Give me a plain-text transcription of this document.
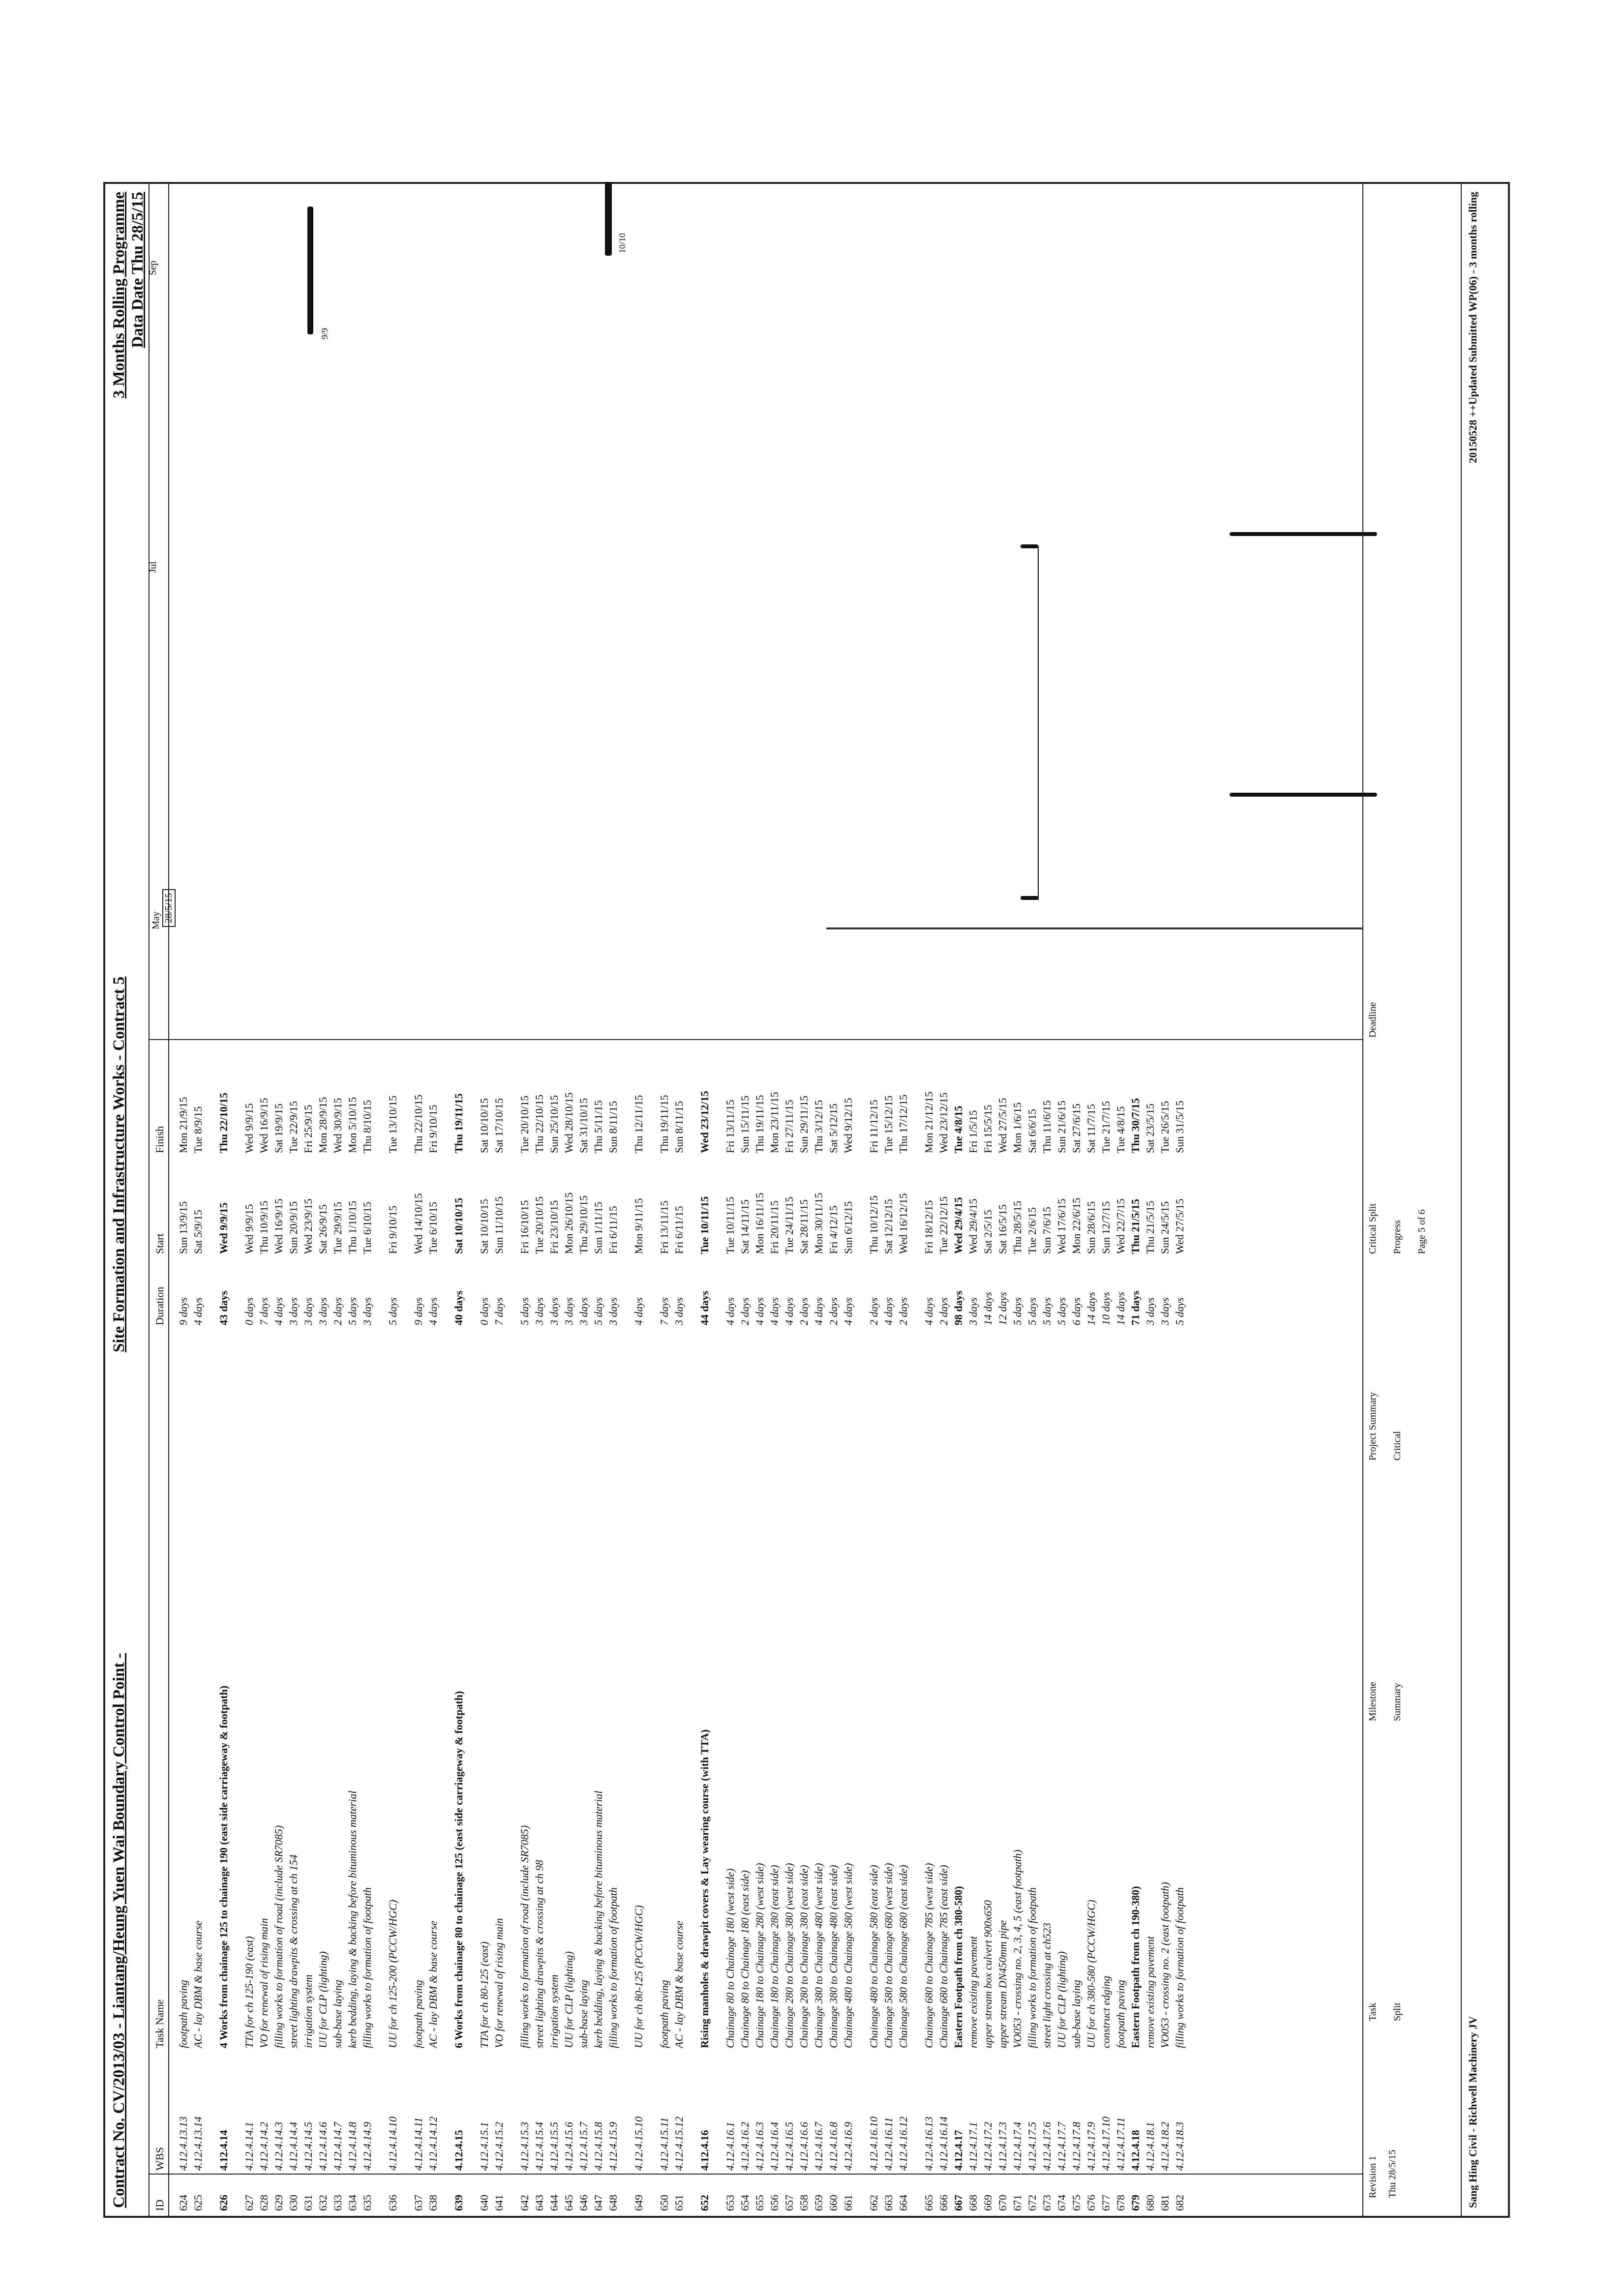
Contract No. CV/2013/03 - Liantang/Heung Yuen Wai Boundary Control Point -
Site Formation and Infrastructure Works - Contract 5
3 Months Rolling Programme Data Date Thu 28/5/15
ID
WBS
Task Name
Duration
Start
Finish
May 28/5/15
Jul
Sep
624
4.12.4.13.13
footpath paving
9 days
Sun 13/9/15
Mon 21/9/15
625
4.12.4.13.14
AC - lay DBM & base course
4 days
Sat 5/9/15
Tue 8/9/15
626
4.12.4.14
4 Works from chainage 125 to chainage 190 (east side carriageway & footpath)
43 days
Wed 9/9/15
Thu 22/10/15
627
4.12.4.14.1
TTA for ch 125-190 (east)
0 days
Wed 9/9/15
Wed 9/9/15
628
4.12.4.14.2
VO for renewal of rising main
7 days
Thu 10/9/15
Wed 16/9/15
629
4.12.4.14.3
filling works to formation of road (include SR7085)
4 days
Wed 16/9/15
Sat 19/9/15
630
4.12.4.14.4
street lighting drawpits & crossing at ch 154
3 days
Sun 20/9/15
Tue 22/9/15
631
4.12.4.14.5
irrigation system
3 days
Wed 23/9/15
Fri 25/9/15
632
4.12.4.14.6
UU for CLP (lighting)
3 days
Sat 26/9/15
Mon 28/9/15
633
4.12.4.14.7
sub-base laying
2 days
Tue 29/9/15
Wed 30/9/15
634
4.12.4.14.8
kerb bedding, laying & backing before bituminous material
5 days
Thu 1/10/15
Mon 5/10/15
635
4.12.4.14.9
filling works to formation of footpath
3 days
Tue 6/10/15
Thu 8/10/15
636
4.12.4.14.10
UU for ch 125-200 (PCCW/HGC)
5 days
Fri 9/10/15
Tue 13/10/15
637
4.12.4.14.11
footpath paving
9 days
Wed 14/10/15
Thu 22/10/15
638
4.12.4.14.12
AC - lay DBM & base course
4 days
Tue 6/10/15
Fri 9/10/15
639
4.12.4.15
6 Works from chainage 80 to chainage 125 (east side carriageway & footpath)
40 days
Sat 10/10/15
Thu 19/11/15
640
4.12.4.15.1
TTA for ch 80-125 (east)
0 days
Sat 10/10/15
Sat 10/10/15
641
4.12.4.15.2
VO for renewal of rising main
7 days
Sun 11/10/15
Sat 17/10/15
642
4.12.4.15.3
filling works to formation of road (include SR7085)
5 days
Fri 16/10/15
Tue 20/10/15
643
4.12.4.15.4
street lighting drawpits & crossing at ch 98
3 days
Tue 20/10/15
Thu 22/10/15
644
4.12.4.15.5
irrigation system
3 days
Fri 23/10/15
Sun 25/10/15
645
4.12.4.15.6
UU for CLP (lighting)
3 days
Mon 26/10/15
Wed 28/10/15
646
4.12.4.15.7
sub-base laying
3 days
Thu 29/10/15
Sat 31/10/15
647
4.12.4.15.8
kerb bedding, laying & backing before bituminous material
5 days
Sun 1/11/15
Thu 5/11/15
648
4.12.4.15.9
filling works to formation of footpath
3 days
Fri 6/11/15
Sun 8/11/15
649
4.12.4.15.10
UU for ch 80-125 (PCCW/HGC)
4 days
Mon 9/11/15
Thu 12/11/15
650
4.12.4.15.11
footpath paving
7 days
Fri 13/11/15
Thu 19/11/15
651
4.12.4.15.12
AC - lay DBM & base course
3 days
Fri 6/11/15
Sun 8/11/15
652
4.12.4.16
Rising manholes & drawpit covers & Lay wearing course (with TTA)
44 days
Tue 10/11/15
Wed 23/12/15
653
4.12.4.16.1
Chainage 80 to Chainage 180 (west side)
4 days
Tue 10/11/15
Fri 13/11/15
654
4.12.4.16.2
Chainage 80 to Chainage 180 (east side)
2 days
Sat 14/11/15
Sun 15/11/15
655
4.12.4.16.3
Chainage 180 to Chainage 280 (west side)
4 days
Mon 16/11/15
Thu 19/11/15
656
4.12.4.16.4
Chainage 180 to Chainage 280 (east side)
4 days
Fri 20/11/15
Mon 23/11/15
657
4.12.4.16.5
Chainage 280 to Chainage 380 (west side)
4 days
Tue 24/11/15
Fri 27/11/15
658
4.12.4.16.6
Chainage 280 to Chainage 380 (east side)
2 days
Sat 28/11/15
Sun 29/11/15
659
4.12.4.16.7
Chainage 380 to Chainage 480 (west side)
4 days
Mon 30/11/15
Thu 3/12/15
660
4.12.4.16.8
Chainage 380 to Chainage 480 (east side)
2 days
Fri 4/12/15
Sat 5/12/15
661
4.12.4.16.9
Chainage 480 to Chainage 580 (west side)
4 days
Sun 6/12/15
Wed 9/12/15
662
4.12.4.16.10
Chainage 480 to Chainage 580 (east side)
2 days
Thu 10/12/15
Fri 11/12/15
663
4.12.4.16.11
Chainage 580 to Chainage 680 (west side)
4 days
Sat 12/12/15
Tue 15/12/15
664
4.12.4.16.12
Chainage 580 to Chainage 680 (east side)
2 days
Wed 16/12/15
Thu 17/12/15
665
4.12.4.16.13
Chainage 680 to Chainage 785 (west side)
4 days
Fri 18/12/15
Mon 21/12/15
666
4.12.4.16.14
Chainage 680 to Chainage 785 (east side)
2 days
Tue 22/12/15
Wed 23/12/15
667
4.12.4.17
Eastern Footpath from ch 380-580)
98 days
Wed 29/4/15
Tue 4/8/15
668
4.12.4.17.1
remove existing pavement
3 days
Wed 29/4/15
Fri 1/5/15
669
4.12.4.17.2
upper stream box culvert 900x650
14 days
Sat 2/5/15
Fri 15/5/15
670
4.12.4.17.3
upper stream DN450mm pipe
12 days
Sat 16/5/15
Wed 27/5/15
671
4.12.4.17.4
VO053 - crossing no. 2, 3, 4, 5 (east footpath)
5 days
Thu 28/5/15
Mon 1/6/15
672
4.12.4.17.5
filling works to formation of footpath
5 days
Tue 2/6/15
Sat 6/6/15
673
4.12.4.17.6
street light crossing at ch523
5 days
Sun 7/6/15
Thu 11/6/15
674
4.12.4.17.7
UU for CLP (lighting)
5 days
Wed 17/6/15
Sun 21/6/15
675
4.12.4.17.8
sub-base laying
6 days
Mon 22/6/15
Sat 27/6/15
676
4.12.4.17.9
UU for ch 380-580 (PCCW/HGC)
14 days
Sun 28/6/15
Sat 11/7/15
677
4.12.4.17.10
construct edging
10 days
Sun 12/7/15
Tue 21/7/15
678
4.12.4.17.11
footpath paving
14 days
Wed 22/7/15
Tue 4/8/15
679
4.12.4.18
Eastern Footpath from ch 190-380)
71 days
Thu 21/5/15
Thu 30/7/15
680
4.12.4.18.1
remove existing pavement
3 days
Thu 21/5/15
Sat 23/5/15
681
4.12.4.18.2
VO053 - crossing no. 2 (east footpath)
3 days
Sun 24/5/15
Tue 26/5/15
682
4.12.4.18.3
filling works to formation of footpath
5 days
Wed 27/5/15
Sun 31/5/15
9/9
10/10
Task Split
Milestone Summary
Project Summary Critical
Critical Split Progress
Deadline
Revision 1 Thu 28/5/15
Page 5 of 6
Sang Hing Civil - Richwell Machinery JV
20150528 ++Updated Submitted WP(06) - 3 months rolling
